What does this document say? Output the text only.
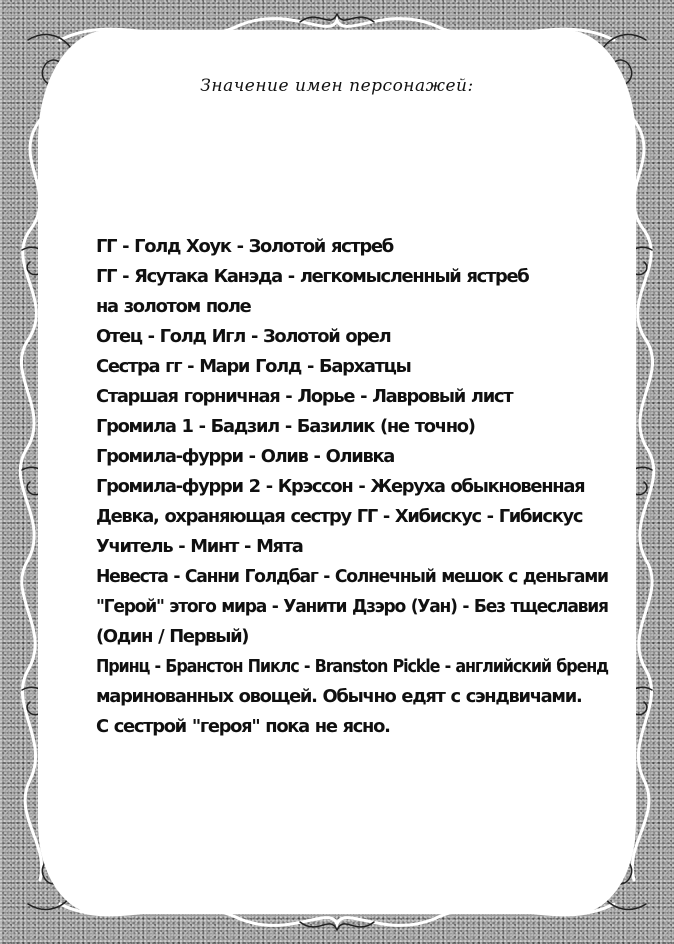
Значение имен персонажей:
ГГ - Голд Хоук - Золотой ястреб
ГГ - Ясутака Канэда - легкомысленный ястреб
на золотом поле
Отец - Голд Игл - Золотой орел
Сестра гг - Мари Голд - Бархатцы
Старшая горничная - Лорье - Лавровый лист
Громила 1 - Бадзил - Базилик (не точно)
Громила-фурри - Олив - Оливка
Громила-фурри 2 - Крэссон - Жеруха обыкновенная
Девка, охраняющая сестру ГГ - Хибискус - Гибискус
Учитель - Минт - Мята
Невеста - Санни Голдбаг - Солнечный мешок с деньгами
"Герой" этого мира - Уанити Дзэро (Уан) - Без тщеславия
(Один / Первый)
Принц - Бранстон Пиклс - Branston Pickle - английский бренд
маринованных овощей. Обычно едят с сэндвичами.
С сестрой "героя" пока не ясно.
